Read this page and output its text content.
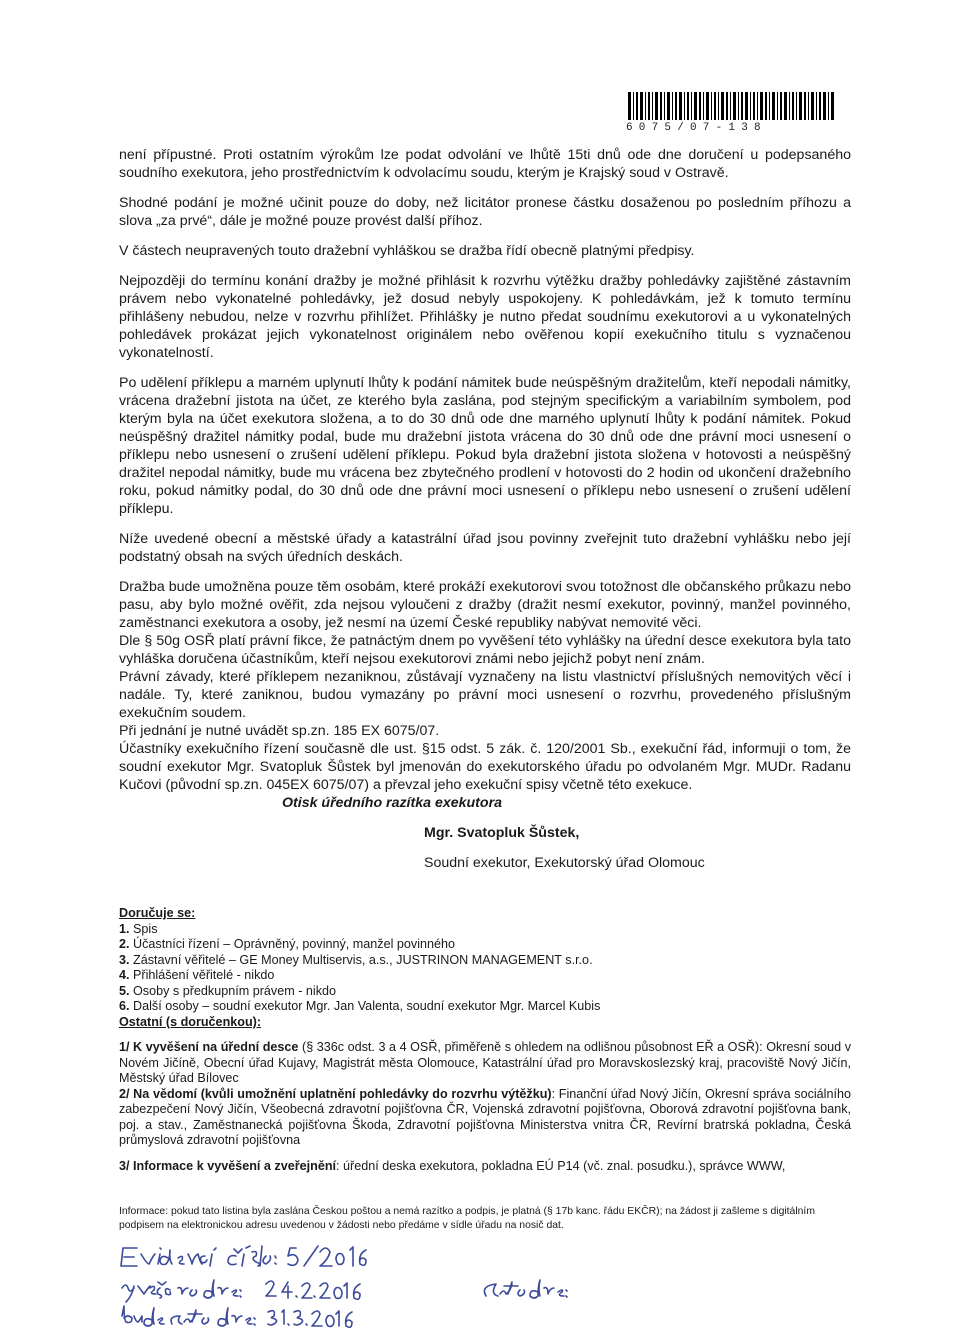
6075/07-138

není přípustné. Proti ostatním výrokům lze podat odvolání ve lhůtě 15ti dnů ode dne doručení u podepsaného soudního exekutora, jeho prostřednictvím k odvolacímu soudu, kterým je Krajský soud v Ostravě.

Shodné podání je možné učinit pouze do doby, než licitátor pronese částku dosaženou po posledním příhozu a slova „za prvé“, dále je možné pouze provést další příhoz.

V částech neupravených touto dražební vyhláškou se dražba řídí obecně platnými předpisy.

Nejpozději do termínu konání dražby je možné přihlásit k rozvrhu výtěžku dražby pohledávky zajištěné zástavním právem nebo vykonatelné pohledávky, jež dosud nebyly uspokojeny. K pohledávkám, jež k tomuto termínu přihlášeny nebudou, nelze v rozvrhu přihlížet. Přihlášky je nutno předat soudnímu exekutorovi a u vykonatelných pohledávek prokázat jejich vykonatelnost originálem nebo ověřenou kopií exekučního titulu s vyznačenou vykonatelností.

Po udělení příklepu a marném uplynutí lhůty k podání námitek bude neúspěšným dražitelům, kteří nepodali námitky, vrácena dražební jistota na účet, ze kterého byla zaslána, pod stejným specifickým a variabilním symbolem, pod kterým byla na účet exekutora složena, a to do 30 dnů ode dne marného uplynutí lhůty k podání námitek. Pokud neúspěšný dražitel námitky podal, bude mu dražební jistota vrácena do 30 dnů ode dne právní moci usnesení o příklepu nebo usnesení o zrušení udělení příklepu. Pokud byla dražební jistota složena v hotovosti a neúspěšný dražitel nepodal námitky, bude mu vrácena bez zbytečného prodlení v hotovosti do 2 hodin od ukončení dražebního roku, pokud námitky podal, do 30 dnů ode dne právní moci usnesení o příklepu nebo usnesení o zrušení udělení příklepu.

Níže uvedené obecní a městské úřady a katastrální úřad jsou povinny zveřejnit tuto dražební vyhlášku nebo její podstatný obsah na svých úředních deskách.

Dražba bude umožněna pouze těm osobám, které prokáží exekutorovi svou totožnost dle občanského průkazu nebo pasu, aby bylo možné ověřit, zda nejsou vyloučeni z dražby (dražit nesmí exekutor, povinný, manžel povinného, zaměstnanci exekutora a osoby, jež nesmí na území České republiky nabývat nemovité věci.

Dle § 50g OSŘ platí právní fikce, že patnáctým dnem po vyvěšení této vyhlášky na úřední desce exekutora byla tato vyhláška doručena účastníkům, kteří nejsou exekutorovi známi nebo jejichž pobyt není znám.

Právní závady, které příklepem nezaniknou, zůstávají vyznačeny na listu vlastnictví příslušných nemovitých věcí i nadále. Ty, které zaniknou, budou vymazány po právní moci usnesení o rozvrhu, provedeného příslušným exekučním soudem.

Při jednání je nutné uvádět sp.zn. 185 EX 6075/07.

Účastníky exekučního řízení současně dle ust. §15 odst. 5 zák. č. 120/2001 Sb., exekuční řád, informuji o tom, že soudní exekutor Mgr. Svatopluk Šůstek byl jmenován do exekutorského úřadu po odvolaném Mgr. MUDr. Radanu Kučovi (původní sp.zn. 045EX 6075/07) a převzal jeho exekuční spisy včetně této exekuce.

Otisk úředního razítka exekutora

Mgr. Svatopluk Šůstek,

Soudní exekutor, Exekutorský úřad Olomouc

Doručuje se:
1. Spis
2. Účastníci řízení – Oprávněný, povinný, manžel povinného
3. Zástavní věřitelé – GE Money Multiservis, a.s., JUSTRINON MANAGEMENT s.r.o.
4. Přihlášení věřitelé - nikdo
5. Osoby s předkupním právem - nikdo
6. Další osoby – soudní exekutor Mgr. Jan Valenta, soudní exekutor Mgr. Marcel Kubis
Ostatní (s doručenkou):

1/ K vyvěšení na úřední desce (§ 336c odst. 3 a 4 OSŘ, přiměřeně s ohledem na odlišnou působnost EŘ a OSŘ): Okresní soud v Novém Jičíně, Obecní úřad Kujavy, Magistrát města Olomouce, Katastrální úřad pro Moravskoslezský kraj, pracoviště Nový Jičín, Městský úřad Bílovec

2/ Na vědomí (kvůli umožnění uplatnění pohledávky do rozvrhu výtěžku): Finanční úřad Nový Jičín, Okresní správa sociálního zabezpečení Nový Jičín, Všeobecná zdravotní pojišťovna ČR, Vojenská zdravotní pojišťovna, Oborová zdravotní pojišťovna bank, poj. a stav., Zaměstnanecká pojišťovna Škoda, Zdravotní pojišťovna Ministerstva vnitra ČR, Revírní bratrská pokladna, Česká průmyslová zdravotní pojišťovna

3/ Informace k vyvěšení a zveřejnění: úřední deska exekutora, pokladna EÚ P14 (vč. znal. posudku.), správce WWW,

Informace: pokud tato listina byla zaslána Českou poštou a nemá razítko a podpis, je platná (§ 17b kanc. řádu EKČR); na žádost ji zašleme s digitálním podpisem na elektronickou adresu uvedenou v žádosti nebo předáme v sídle úřadu na nosič dat.
